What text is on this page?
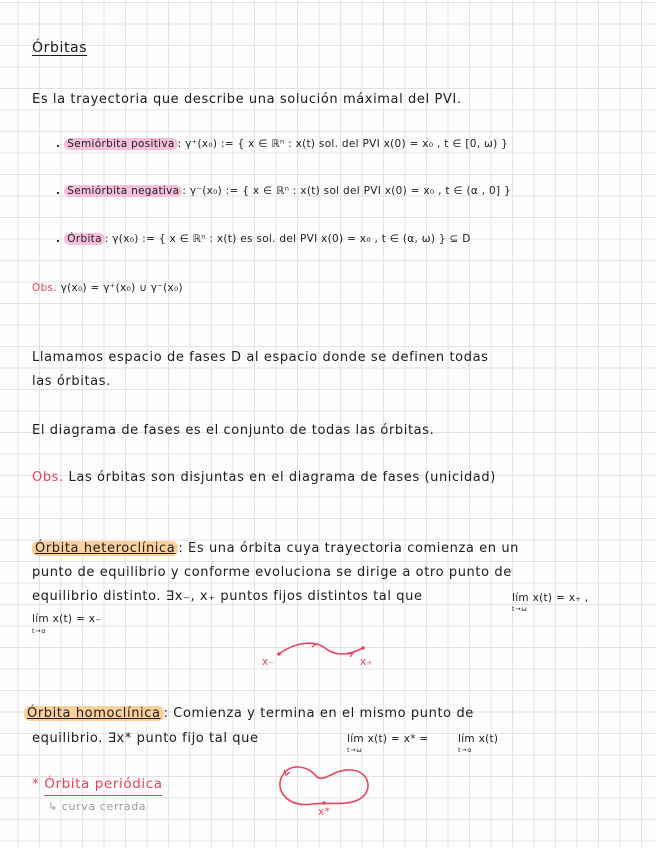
Órbitas
Es la trayectoria que describe una solución máximal del PVI.
. Semiórbita positiva : γ⁺(x₀) := { x ∈ ℝⁿ : x(t) sol. del PVI x(0) = x₀ , t ∈ [0, ω) }
. Semiórbita negativa : γ⁻(x₀) := { x ∈ ℝⁿ : x(t) sol del PVI x(0) = x₀ , t ∈ (α , 0] }
. Órbita : γ(x₀) := { x ∈ ℝⁿ : x(t) es sol. del PVI x(0) = x₀ , t ∈ (α, ω) } ⊆ D
Obs. γ(x₀) = γ⁺(x₀) ∪ γ⁻(x₀)
Llamamos espacio de fases D al espacio donde se definen todas
las órbitas.
El diagrama de fases es el conjunto de todas las órbitas.
Obs. Las órbitas son disjuntas en el diagrama de fases (unicidad)
Órbita heteroclínica : Es una órbita cuya trayectoria comienza en un
punto de equilibrio y conforme evoluciona se dirige a otro punto de
equilibrio distinto. ∃x₋, x₊ puntos fijos distintos tal que	lím x(t) = x₊ ,
t→ω
lím x(t) = x₋
t→α
x₋	x₊
Órbita homoclínica : Comienza y termina en el mismo punto de
equilibrio. ∃x* punto fijo tal que	lím x(t) = x* =
t→ω
lím x(t)
t→α
* Órbita periódica
↳ curva cerrada	x*
